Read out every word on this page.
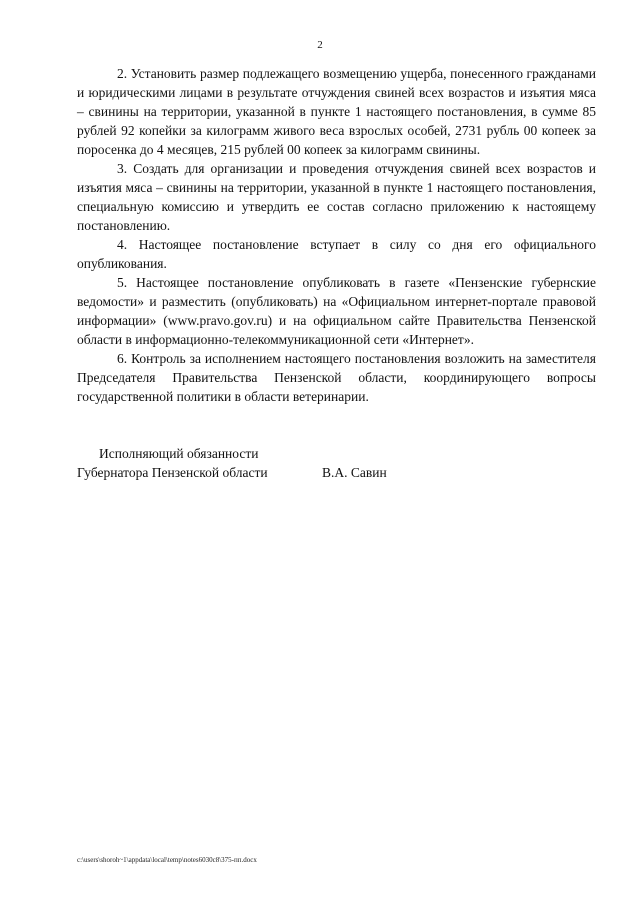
2

2. Установить размер подлежащего возмещению ущерба, понесенного гражданами и юридическими лицами в результате отчуждения свиней всех возрастов и изъятия мяса – свинины на территории, указанной в пункте 1 настоящего постановления, в сумме 85 рублей 92 копейки за килограмм живого веса взрослых особей, 2731 рубль 00 копеек за поросенка до 4 месяцев, 215 рублей 00 копеек за килограмм свинины.

3. Создать для организации и проведения отчуждения свиней всех возрастов и изъятия мяса – свинины на территории, указанной в пункте 1 настоящего постановления, специальную комиссию и утвердить ее состав согласно приложению к настоящему постановлению.

4. Настоящее постановление вступает в силу со дня его официального опубликования.

5. Настоящее постановление опубликовать в газете «Пензенские губернские ведомости» и разместить (опубликовать) на «Официальном интернет-портале правовой информации» (www.pravo.gov.ru) и на официальном сайте Правительства Пензенской области в информационно-телекоммуникационной сети «Интернет».

6. Контроль за исполнением настоящего постановления возложить на заместителя Председателя Правительства Пензенской области, координирующего вопросы государственной политики в области ветеринарии.

Исполняющий обязанности
Губернатора Пензенской области	В.А. Савин
c:\users\shoroh~1\appdata\local\temp\notes6030c8\375-пп.docx
